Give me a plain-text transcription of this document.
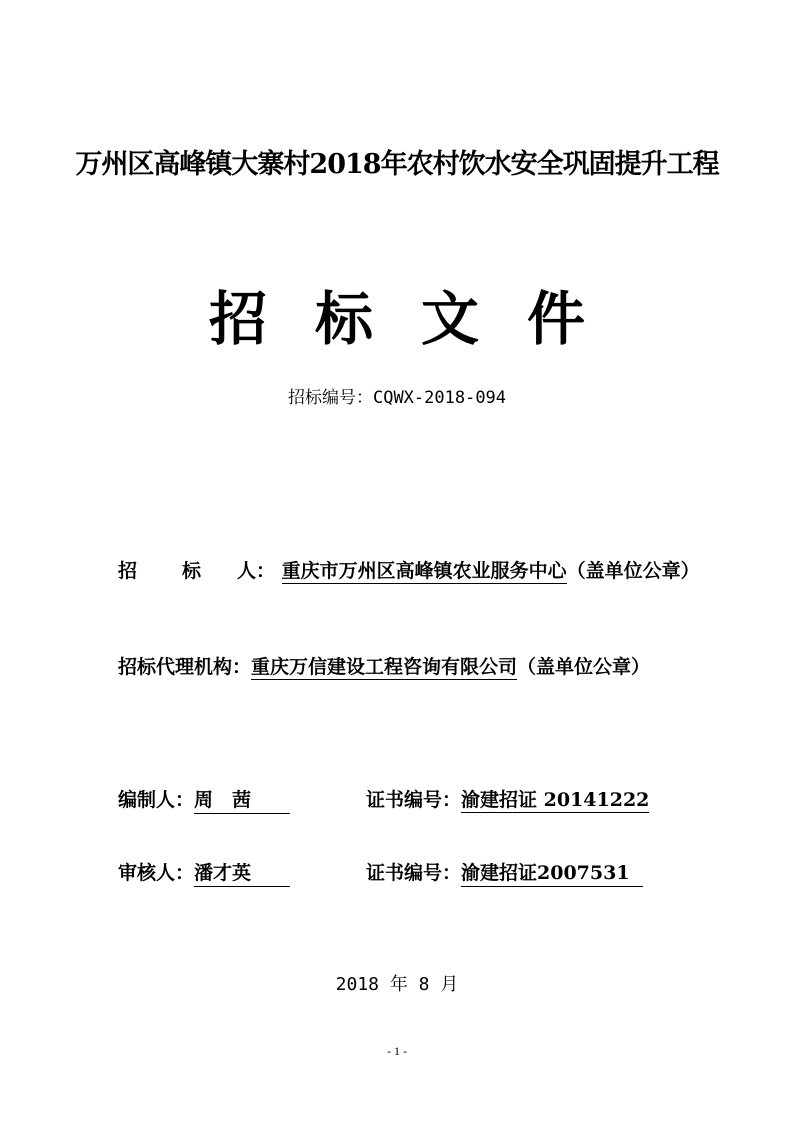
万州区高峰镇大寨村2018年农村饮水安全巩固提升工程
招 标 文 件
招标编号：CQWX-2018-094
招 标 人： 重庆市万州区高峰镇农业服务中心（盖单位公章）
招标代理机构：重庆万信建设工程咨询有限公司（盖单位公章）
编制人：周　茜	证书编号：渝建招证 20141222
审核人：潘才英	证书编号：渝建招证2007531
2018 年 8 月
- 1 -
